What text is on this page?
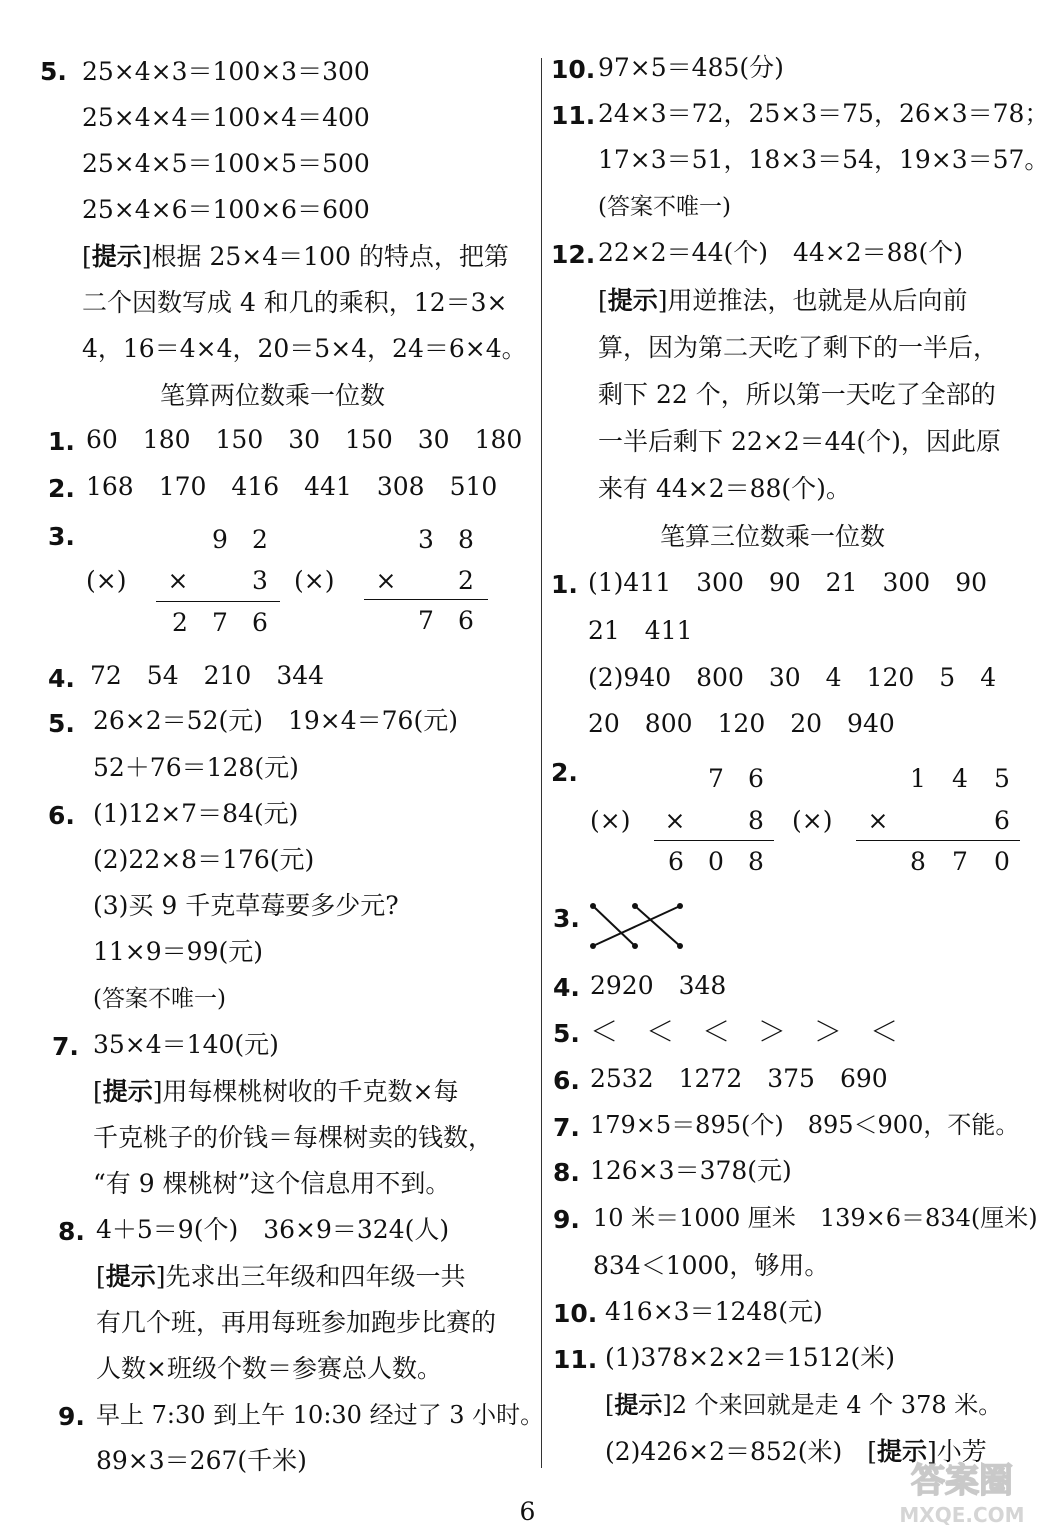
5. 25×4×3＝100×3＝300
25×4×4＝100×4＝400
25×4×5＝100×5＝500
25×4×6＝100×6＝600
[提示]根据 25×4＝100 的特点，把第
二个因数写成 4 和几的乘积，12＝3×
4，16＝4×4，20＝5×4，24＝6×4。
笔算两位数乘一位数
1. 60　180　150　30　150　30　180
2. 168　170　416　441　308　510
3.	9 2
(×)	×	3
2 7 6
3 8
(×)	×	2
7 6
4. 72　54　210　344
5. 26×2＝52(元)　19×4＝76(元)
52＋76＝128(元)
6. (1)12×7＝84(元)
(2)22×8＝176(元)
(3)买 9 千克草莓要多少元?
11×9＝99(元)
(答案不唯一)
7. 35×4＝140(元)
[提示]用每棵桃树收的千克数×每
千克桃子的价钱＝每棵树卖的钱数，
“有 9 棵桃树”这个信息用不到。
8. 4＋5＝9(个)　36×9＝324(人)
[提示]先求出三年级和四年级一共
有几个班，再用每班参加跑步比赛的
人数×班级个数＝参赛总人数。
9. 早上 7:30 到上午 10:30 经过了 3 小时。
89×3＝267(千米)
10. 97×5＝485(分)
11. 24×3＝72，25×3＝75，26×3＝78；
17×3＝51，18×3＝54，19×3＝57。
(答案不唯一)
12. 22×2＝44(个)　44×2＝88(个)
[提示]用逆推法，也就是从后向前
算，因为第二天吃了剩下的一半后，
剩下 22 个，所以第一天吃了全部的
一半后剩下 22×2＝44(个)，因此原
来有 44×2＝88(个)。
笔算三位数乘一位数
1. (1)411　300　90　21　300　90
21　411
(2)940　800　30　4　120　5　4
20　800　120　20　940
2.	7 6
(×)	×	8
6 0 8
1	4	5
(×)	×	6
8	7	0
3.
4. 2920　348
5. ＜　＜　＜　＞　＞　＜
6. 2532　1272　375　690
7. 179×5＝895(个)　895＜900，不能。
8. 126×3＝378(元)
9. 10 米＝1000 厘米　139×6＝834(厘米)
834＜1000，够用。
10. 416×3＝1248(元)
11. (1)378×2×2＝1512(米)
[提示]2 个来回就是走 4 个 378 米。
(2)426×2＝852(米)　[提示]小芳
6
答案圈
MXQE.COM
